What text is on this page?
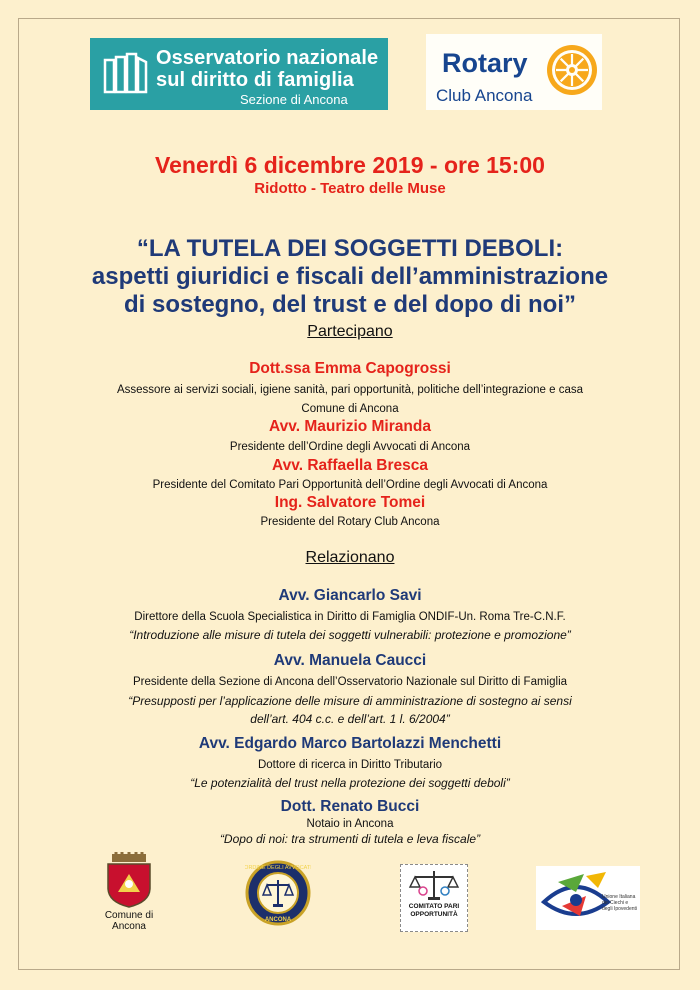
Osservatorio nazionale
sul diritto di famiglia
Sezione di Ancona
Rotary
Club Ancona
Venerdì 6 dicembre 2019 - ore 15:00
Ridotto - Teatro delle Muse
“LA TUTELA DEI SOGGETTI DEBOLI:
aspetti giuridici e fiscali dell’amministrazione
di sostegno, del trust e del dopo di noi”
Partecipano
Dott.ssa Emma Capogrossi
Assessore ai servizi sociali, igiene sanità, pari opportunità, politiche dell’integrazione e casa
Comune di Ancona
Avv. Maurizio Miranda
Presidente dell’Ordine degli Avvocati di Ancona
Avv. Raffaella Bresca
Presidente del Comitato Pari Opportunità dell’Ordine degli Avvocati di Ancona
Ing. Salvatore Tomei
Presidente del Rotary Club Ancona
Relazionano
Avv. Giancarlo Savi
Direttore della Scuola Specialistica in Diritto di Famiglia ONDIF-Un. Roma Tre-C.N.F.
“Introduzione alle misure di tutela dei soggetti vulnerabili: protezione e promozione”
Avv. Manuela Caucci
Presidente della Sezione di Ancona dell’Osservatorio Nazionale sul Diritto di Famiglia
“Presupposti per l’applicazione delle misure di amministrazione di sostegno ai sensi
dell’art. 404 c.c. e dell’art. 1 l. 6/2004”
Avv. Edgardo Marco Bartolazzi Menchetti
Dottore di ricerca in Diritto Tributario
“Le potenzialità del trust nella protezione dei soggetti deboli”
Dott. Renato Bucci
Notaio in Ancona
“Dopo di noi: tra strumenti di tutela e leva fiscale”
Comune di Ancona
ORDINE DEGLI AVVOCATI
ANCONA
COMITATO PARI OPPORTUNITÀ
Unione Italiana dei Ciechi e degli Ipovedenti
